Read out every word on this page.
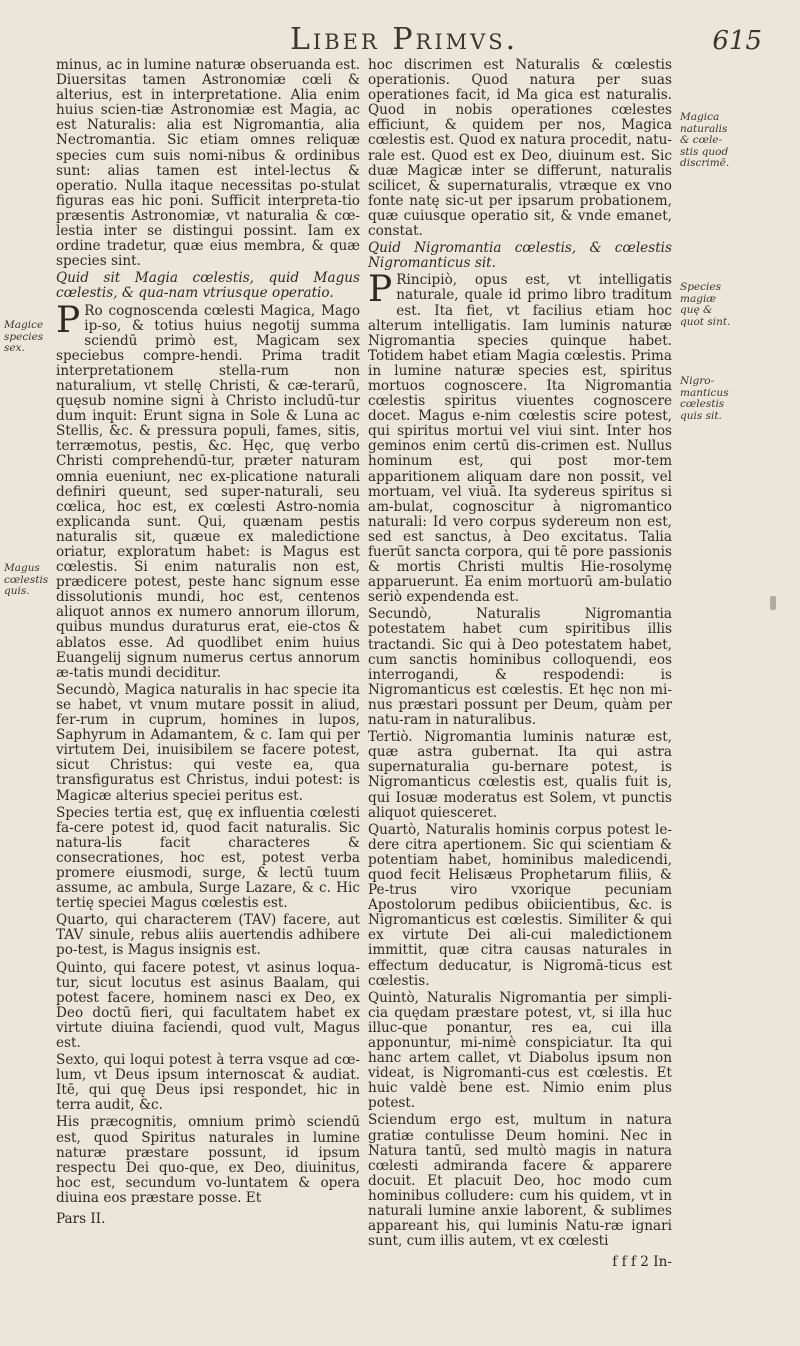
Liber Primvs.	615
Magice species sex.
Magus cœlestis quis.
Magica naturalis & cœle-stis quod discrimē.
Species magiæ quę & quot sint.
Nigro-manticus cœlestis quis sit.

minus, ac in lumine naturæ obseruanda est. Diuersitas tamen Astronomiæ cœli & alterius, est in interpretatione. Alia enim huius scien-tiæ Astronomiæ est Magia, ac est Naturalis: alia est Nigromantia, alia Nectromantia. Sic etiam omnes reliquæ species cum suis nomi-nibus & ordinibus sunt: alias tamen est intel-lectus & operatio. Nulla itaque necessitas po-stulat figuras eas hic poni. Sufficit interpreta-tio præsentis Astronomiæ, vt naturalia & cœ-lestia inter se distingui possint. Iam ex ordine tradetur, quæ eius membra, & quæ species sint.

Quid sit Magia cœlestis, quid Magus cœlestis, & qua-nam vtriusque operatio.

PRo cognoscenda cœlesti Magica, Mago ip-so, & totius huius negotij summa sciendū primò est, Magicam sex speciebus compre-hendi. Prima tradit interpretationem stella-rum non naturalium, vt stellę Christi, & cæ-terarū, quęsub nomine signi à Christo includū-tur dum inquit: Erunt signa in Sole & Luna ac Stellis, &c. & pressura populi, fames, sitis, terræmotus, pestis, &c. Hęc, quę verbo Christi comprehendū-tur, præter naturam omnia eueniunt, nec ex-plicatione naturali definiri queunt, sed super-naturali, seu cœlica, hoc est, ex cœlesti Astro-nomia explicanda sunt. Qui, quænam pestis naturalis sit, quæue ex maledictione oriatur, exploratum habet: is Magus est cœlestis. Si enim naturalis non est, prædicere potest, peste hanc signum esse dissolutionis mundi, hoc est, centenos aliquot annos ex numero annorum illorum, quibus mundus duraturus erat, eie-ctos & ablatos esse. Ad quodlibet enim huius Euangelij signum numerus certus annorum æ-tatis mundi deciditur.

Secundò, Magica naturalis in hac specie ita se habet, vt vnum mutare possit in aliud, fer-rum in cuprum, homines in lupos, Saphyrum in Adamantem, & c. Iam qui per virtutem Dei, inuisibilem se facere potest, sicut Christus: qui veste ea, qua transfiguratus est Christus, indui potest: is Magicæ alterius speciei peritus est.

Species tertia est, quę ex influentia cœlesti fa-cere potest id, quod facit naturalis. Sic natura-lis facit characteres & consecrationes, hoc est, potest verba promere eiusmodi, surge, & lectū tuum assume, ac ambula, Surge Lazare, & c. Hic tertię speciei Magus cœlestis est.

Quarto, qui characterem (TAV) facere, aut TAV sinule, rebus aliis auertendis adhibere po-test, is Magus insignis est.

Quinto, qui facere potest, vt asinus loqua-tur, sicut locutus est asinus Baalam, qui potest facere, hominem nasci ex Deo, ex Deo doctū fieri, qui facultatem habet ex virtute diuina faciendi, quod vult, Magus est.

Sexto, qui loqui potest à terra vsque ad cœ-lum, vt Deus ipsum internoscat & audiat. Itē, qui quę Deus ipsi respondet, hic in terra audit, &c.

His præcognitis, omnium primò sciendū est, quod Spiritus naturales in lumine naturæ præstare possunt, id ipsum respectu Dei quo-que, ex Deo, diuinitus, hoc est, secundum vo-luntatem & opera diuina eos præstare posse. Et

Pars II.

hoc discrimen est Naturalis & cœlestis operationis. Quod natura per suas operationes facit, id Ma gica est naturalis. Quod in nobis operationes cœlestes efficiunt, & quidem per nos, Magica cœlestis est. Quod ex natura procedit, natu-rale est. Quod est ex Deo, diuinum est. Sic duæ Magicæ inter se differunt, naturalis scilicet, & supernaturalis, vtræque ex vno fonte natę sic-ut per ipsarum probationem, quæ cuiusque operatio sit, & vnde emanet, constat.

Quid Nigromantia cœlestis, & cœlestis Nigromanticus sit.

PRincipiò, opus est, vt intelligatis naturale, quale id primo libro traditum est. Ita fiet, vt facilius etiam hoc alterum intelligatis. Iam luminis naturæ Nigromantia species quinque habet. Totidem habet etiam Magia cœlestis. Prima in lumine naturæ species est, spiritus mortuos cognoscere. Ita Nigromantia cœlestis spiritus viuentes cognoscere docet. Magus e-nim cœlestis scire potest, qui spiritus mortui vel viui sint. Inter hos geminos enim certū dis-crimen est. Nullus hominum est, qui post mor-tem apparitionem aliquam dare non possit, vel mortuam, vel viuā. Ita sydereus spiritus si am-bulat, cognoscitur à nigromantico naturali: Id vero corpus sydereum non est, sed est sanctus, à Deo excitatus. Talia fuerūt sancta corpora, qui tē pore passionis & mortis Christi multis Hie-rosolymę apparuerunt. Ea enim mortuorū am-bulatio seriò expendenda est.

Secundò, Naturalis Nigromantia potestatem habet cum spiritibus illis tractandi. Sic qui à Deo potestatem habet, cum sanctis hominibus colloquendi, eos interrogandi, & respodendi: is Nigromanticus est cœlestis. Et hęc non mi-nus præstari possunt per Deum, quàm per natu-ram in naturalibus.

Tertiò. Nigromantia luminis naturæ est, quæ astra gubernat. Ita qui astra supernaturalia gu-bernare potest, is Nigromanticus cœlestis est, qualis fuit is, qui Iosuæ moderatus est Solem, vt punctis aliquot quiesceret.

Quartò, Naturalis hominis corpus potest le-dere citra apertionem. Sic qui scientiam & potentiam habet, hominibus maledicendi, quod fecit Helisæus Prophetarum filiis, & Pe-trus viro vxorique pecuniam Apostolorum pedibus obiicientibus, &c. is Nigromanticus est cœlestis. Similiter & qui ex virtute Dei ali-cui maledictionem immittit, quæ citra causas naturales in effectum deducatur, is Nigromā-ticus est cœlestis.

Quintò, Naturalis Nigromantia per simpli-cia quędam præstare potest, vt, si illa huc illuc-que ponantur, res ea, cui illa apponuntur, mi-nimè conspiciatur. Ita qui hanc artem callet, vt Diabolus ipsum non videat, is Nigromanti-cus est cœlestis. Et huic valdè bene est. Nimio enim plus potest.

Sciendum ergo est, multum in natura gratiæ contulisse Deum homini. Nec in Natura tantū, sed multò magis in natura cœlesti admiranda facere & apparere docuit. Et placuit Deo, hoc modo cum hominibus colludere: cum his quidem, vt in naturali lumine anxie laborent, & sublimes appareant his, qui luminis Natu-ræ ignari sunt, cum illis autem, vt ex cœlesti

f f f 2 In-
